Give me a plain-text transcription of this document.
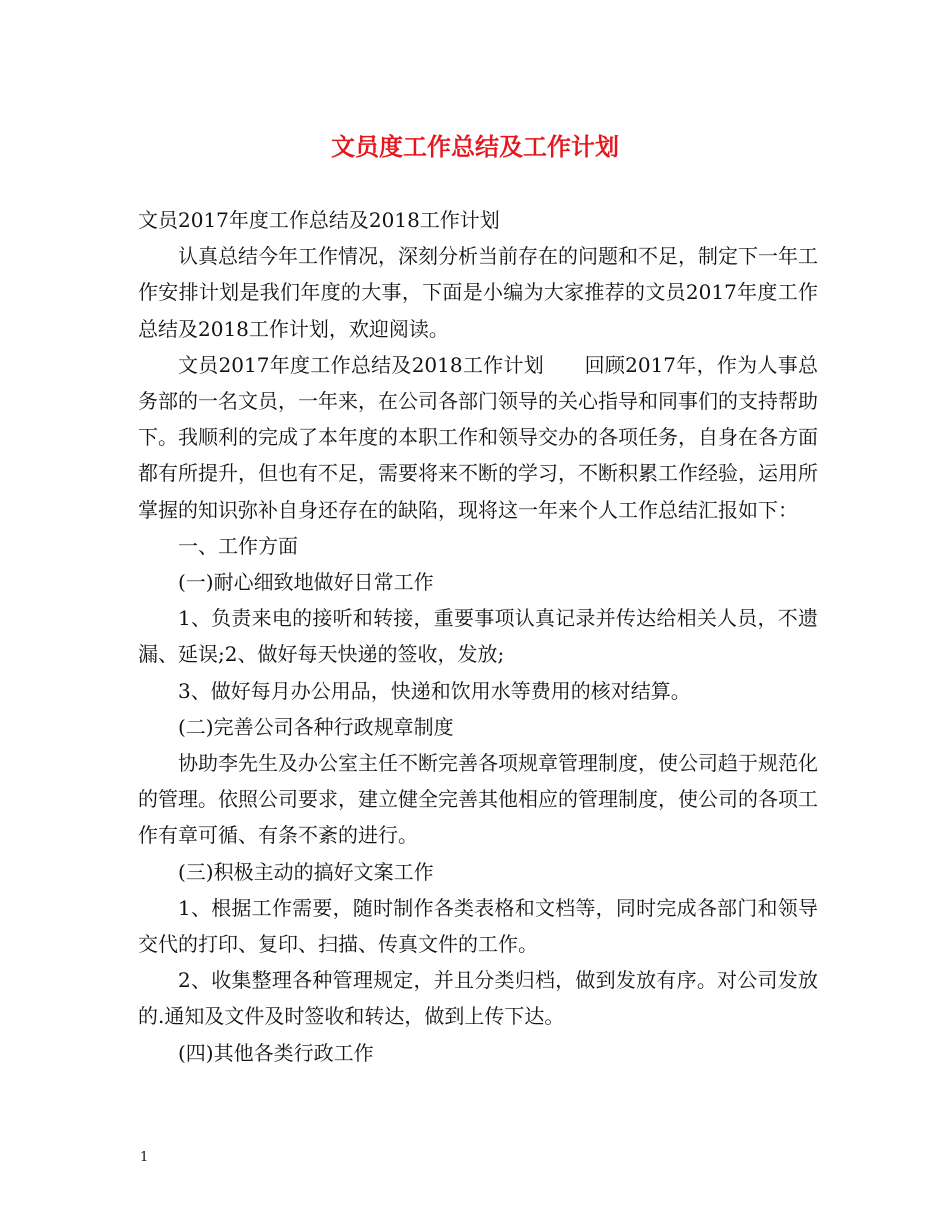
文员度工作总结及工作计划

文员2017年度工作总结及2018工作计划

认真总结今年工作情况，深刻分析当前存在的问题和不足，制定下一年工作安排计划是我们年度的大事，下面是小编为大家推荐的文员2017年度工作总结及2018工作计划，欢迎阅读。

文员2017年度工作总结及2018工作计划　　回顾2017年，作为人事总务部的一名文员，一年来，在公司各部门领导的关心指导和同事们的支持帮助下。我顺利的完成了本年度的本职工作和领导交办的各项任务，自身在各方面都有所提升，但也有不足，需要将来不断的学习，不断积累工作经验，运用所掌握的知识弥补自身还存在的缺陷，现将这一年来个人工作总结汇报如下：

一、工作方面

(一)耐心细致地做好日常工作

1、负责来电的接听和转接，重要事项认真记录并传达给相关人员，不遗漏、延误;2、做好每天快递的签收，发放;

3、做好每月办公用品，快递和饮用水等费用的核对结算。

(二)完善公司各种行政规章制度

协助李先生及办公室主任不断完善各项规章管理制度，使公司趋于规范化的管理。依照公司要求，建立健全完善其他相应的管理制度，使公司的各项工作有章可循、有条不紊的进行。

(三)积极主动的搞好文案工作

1、根据工作需要，随时制作各类表格和文档等，同时完成各部门和领导交代的打印、复印、扫描、传真文件的工作。

2、收集整理各种管理规定，并且分类归档，做到发放有序。对公司发放的.通知及文件及时签收和转达，做到上传下达。

(四)其他各类行政工作

1
